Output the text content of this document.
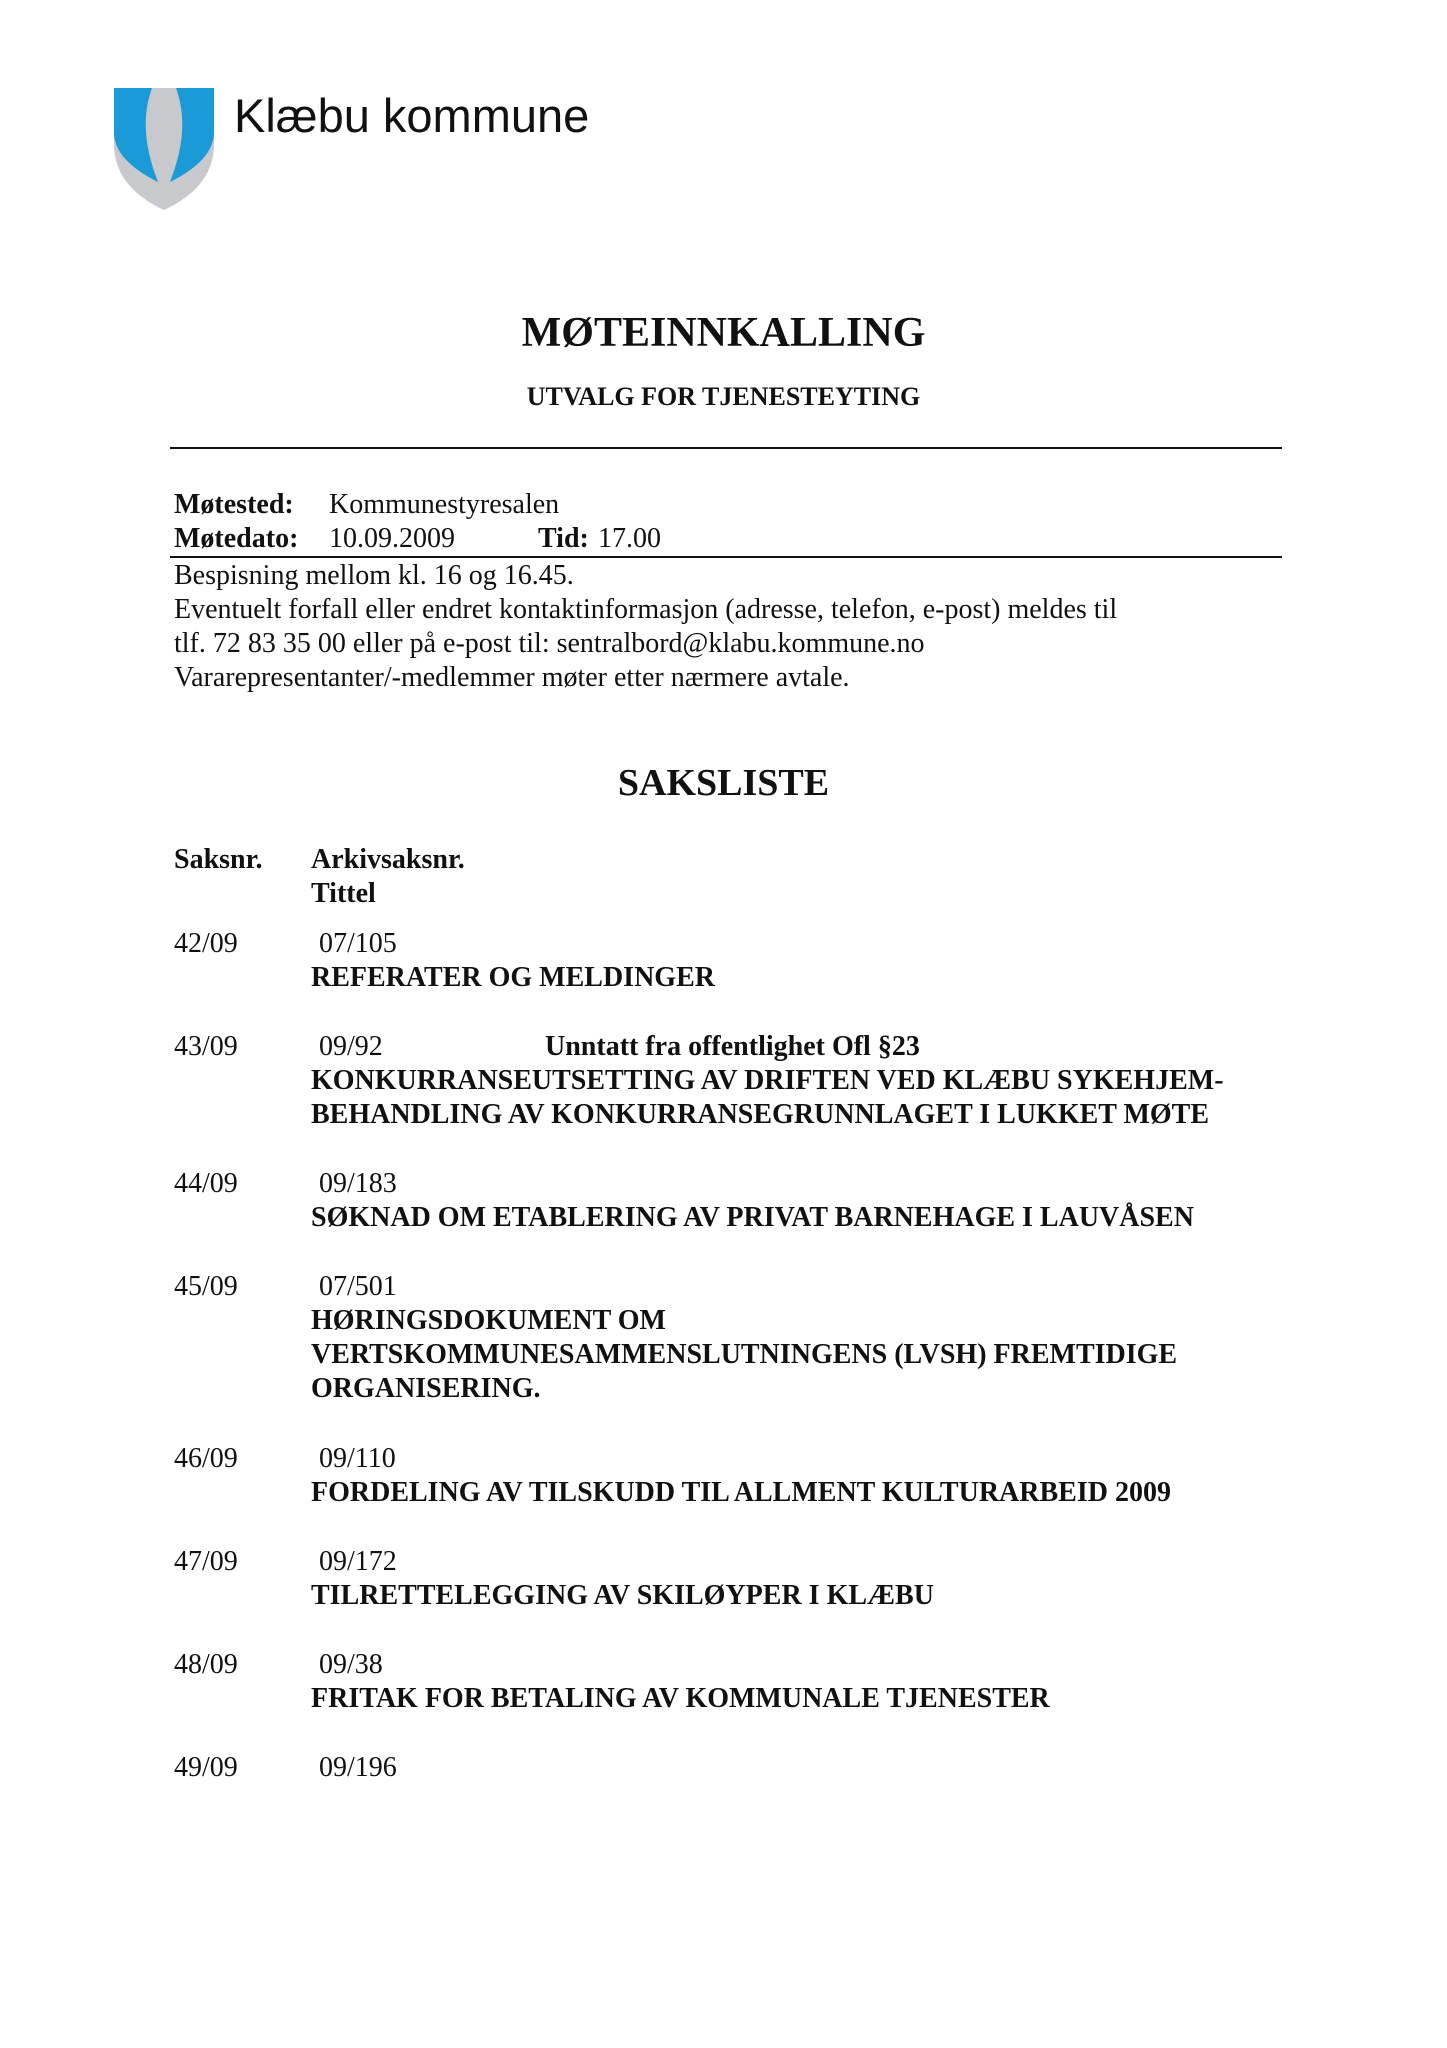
Klæbu kommune
MØTEINNKALLING
UTVALG FOR TJENESTEYTING
Møtested: Kommunestyresalen
Møtedato: 10.09.2009	Tid: 17.00
Bespisning mellom kl. 16 og 16.45.
Eventuelt forfall eller endret kontaktinformasjon (adresse, telefon, e-post) meldes til
tlf. 72 83 35 00 eller på e-post til: sentralbord@klabu.kommune.no
Vararepresentanter/-medlemmer møter etter nærmere avtale.
SAKSLISTE
Saksnr. Arkivsaksnr.
Tittel
42/09	07/105
REFERATER OG MELDINGER
43/09	09/92	Unntatt fra offentlighet Ofl §23
KONKURRANSEUTSETTING AV DRIFTEN VED KLÆBU SYKEHJEM-
BEHANDLING AV KONKURRANSEGRUNNLAGET I LUKKET MØTE
44/09	09/183
SØKNAD OM ETABLERING AV PRIVAT BARNEHAGE I LAUVÅSEN
45/09	07/501
HØRINGSDOKUMENT OM
VERTSKOMMUNESAMMENSLUTNINGENS (LVSH) FREMTIDIGE
ORGANISERING.
46/09	09/110
FORDELING AV TILSKUDD TIL ALLMENT KULTURARBEID 2009
47/09	09/172
TILRETTELEGGING AV SKILØYPER I KLÆBU
48/09	09/38
FRITAK FOR BETALING AV KOMMUNALE TJENESTER
49/09	09/196
